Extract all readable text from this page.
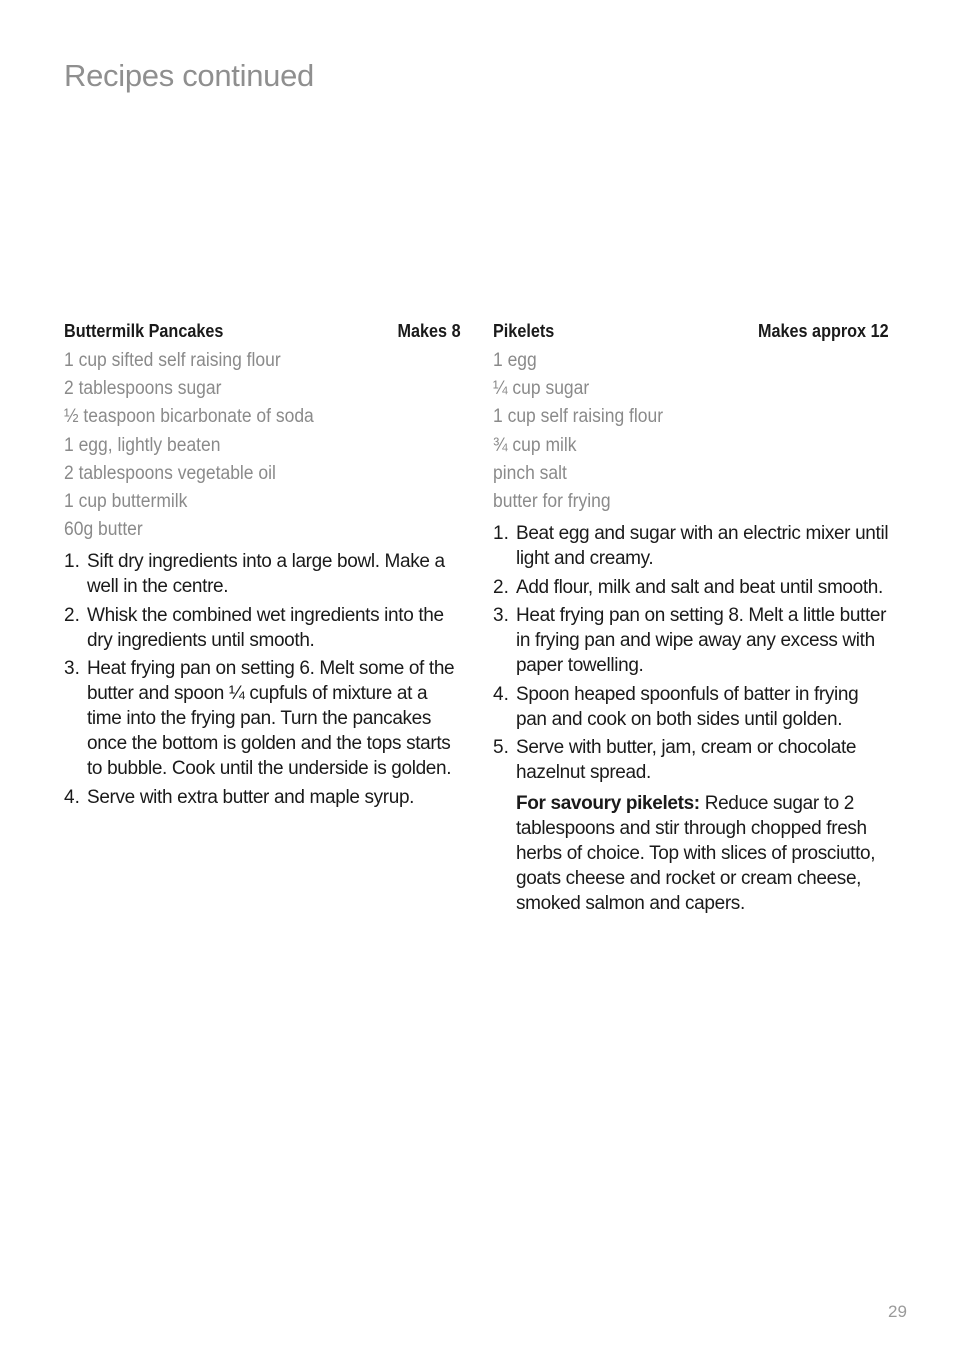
Recipes continued
Buttermilk Pancakes	Makes 8
1 cup sifted self raising flour
2 tablespoons sugar
½ teaspoon bicarbonate of soda
1 egg, lightly beaten
2 tablespoons vegetable oil
1 cup buttermilk
60g butter
1. Sift dry ingredients into a large bowl. Make a well in the centre.
2. Whisk the combined wet ingredients into the dry ingredients until smooth.
3. Heat frying pan on setting 6. Melt some of the butter and spoon ¼ cupfuls of mixture at a time into the frying pan. Turn the pancakes once the bottom is golden and the tops starts to bubble. Cook until the underside is golden.
4. Serve with extra butter and maple syrup.
Pikelets	Makes approx 12
1 egg
¼ cup sugar
1 cup self raising flour
¾ cup milk
pinch salt
butter for frying
1. Beat egg and sugar with an electric mixer until light and creamy.
2. Add flour, milk and salt and beat until smooth.
3. Heat frying pan on setting 8. Melt a little butter in frying pan and wipe away any excess with paper towelling.
4. Spoon heaped spoonfuls of batter in frying pan and cook on both sides until golden.
5. Serve with butter, jam, cream or chocolate hazelnut spread.

For savoury pikelets: Reduce sugar to 2 tablespoons and stir through chopped fresh herbs of choice. Top with slices of prosciutto, goats cheese and rocket or cream cheese, smoked salmon and capers.

29
